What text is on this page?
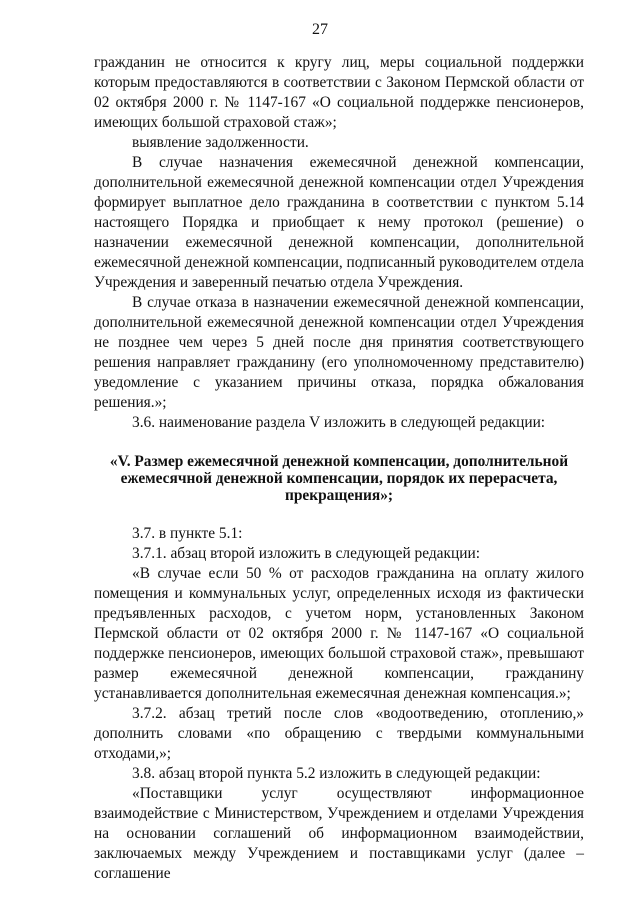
27

гражданин не относится к кругу лиц, меры социальной поддержки которым предоставляются в соответствии с Законом Пермской области от 02 октября 2000 г. № 1147-167 «О социальной поддержке пенсионеров, имеющих большой страховой стаж»;

выявление задолженности.

В случае назначения ежемесячной денежной компенсации, дополнительной ежемесячной денежной компенсации отдел Учреждения формирует выплатное дело гражданина в соответствии с пунктом 5.14 настоящего Порядка и приобщает к нему протокол (решение) о назначении ежемесячной денежной компенсации, дополнительной ежемесячной денежной компенсации, подписанный руководителем отдела Учреждения и заверенный печатью отдела Учреждения.

В случае отказа в назначении ежемесячной денежной компенсации, дополнительной ежемесячной денежной компенсации отдел Учреждения не позднее чем через 5 дней после дня принятия соответствующего решения направляет гражданину (его уполномоченному представителю) уведомление с указанием причины отказа, порядка обжалования решения.»;

3.6. наименование раздела V изложить в следующей редакции:

«V. Размер ежемесячной денежной компенсации, дополнительной ежемесячной денежной компенсации, порядок их перерасчета, прекращения»;

3.7. в пункте 5.1:

3.7.1. абзац второй изложить в следующей редакции:

«В случае если 50 % от расходов гражданина на оплату жилого помещения и коммунальных услуг, определенных исходя из фактически предъявленных расходов, с учетом норм, установленных Законом Пермской области от 02 октября 2000 г. № 1147-167 «О социальной поддержке пенсионеров, имеющих большой страховой стаж», превышают размер ежемесячной денежной компенсации, гражданину устанавливается дополнительная ежемесячная денежная компенсация.»;

3.7.2. абзац третий после слов «водоотведению, отоплению,» дополнить словами «по обращению с твердыми коммунальными отходами,»;

3.8. абзац второй пункта 5.2 изложить в следующей редакции:

«Поставщики услуг осуществляют информационное взаимодействие с Министерством, Учреждением и отделами Учреждения на основании соглашений об информационном взаимодействии, заключаемых между Учреждением и поставщиками услуг (далее – соглашение
